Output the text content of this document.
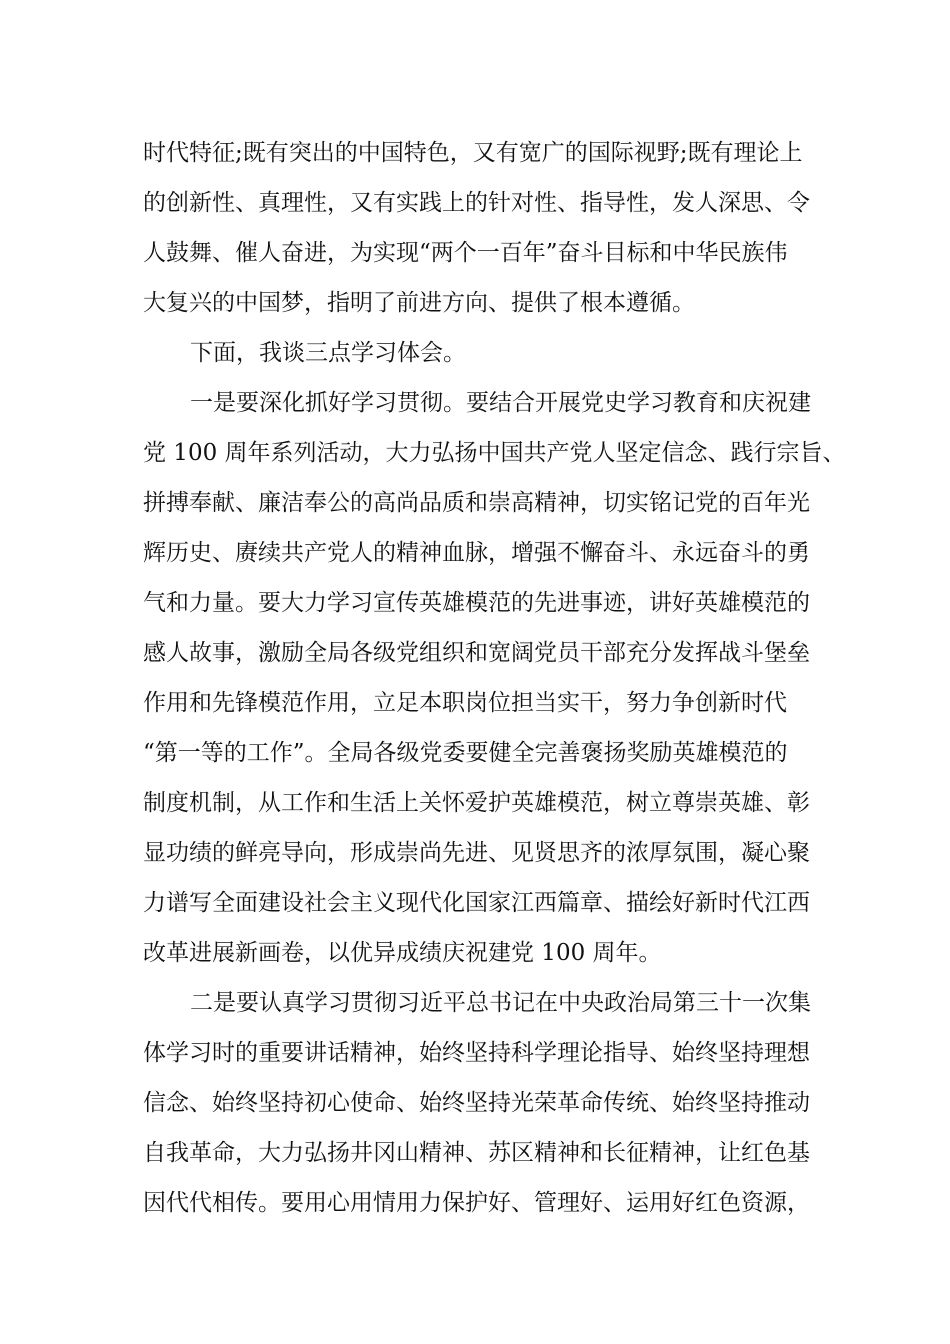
时代特征;既有突出的中国特色，又有宽广的国际视野;既有理论上
的创新性、真理性，又有实践上的针对性、指导性，发人深思、令
人鼓舞、催人奋进，为实现“两个一百年”奋斗目标和中华民族伟
大复兴的中国梦，指明了前进方向、提供了根本遵循。
下面，我谈三点学习体会。
一是要深化抓好学习贯彻。要结合开展党史学习教育和庆祝建
党 100 周年系列活动，大力弘扬中国共产党人坚定信念、践行宗旨、
拼搏奉献、廉洁奉公的高尚品质和崇高精神，切实铭记党的百年光
辉历史、赓续共产党人的精神血脉，增强不懈奋斗、永远奋斗的勇
气和力量。要大力学习宣传英雄模范的先进事迹，讲好英雄模范的
感人故事，激励全局各级党组织和宽阔党员干部充分发挥战斗堡垒
作用和先锋模范作用，立足本职岗位担当实干，努力争创新时代
“第一等的工作”。全局各级党委要健全完善褒扬奖励英雄模范的
制度机制，从工作和生活上关怀爱护英雄模范，树立尊崇英雄、彰
显功绩的鲜亮导向，形成崇尚先进、见贤思齐的浓厚氛围，凝心聚
力谱写全面建设社会主义现代化国家江西篇章、描绘好新时代江西
改革进展新画卷，以优异成绩庆祝建党 100 周年。
二是要认真学习贯彻习近平总书记在中央政治局第三十一次集
体学习时的重要讲话精神，始终坚持科学理论指导、始终坚持理想
信念、始终坚持初心使命、始终坚持光荣革命传统、始终坚持推动
自我革命，大力弘扬井冈山精神、苏区精神和长征精神，让红色基
因代代相传。要用心用情用力保护好、管理好、运用好红色资源，
